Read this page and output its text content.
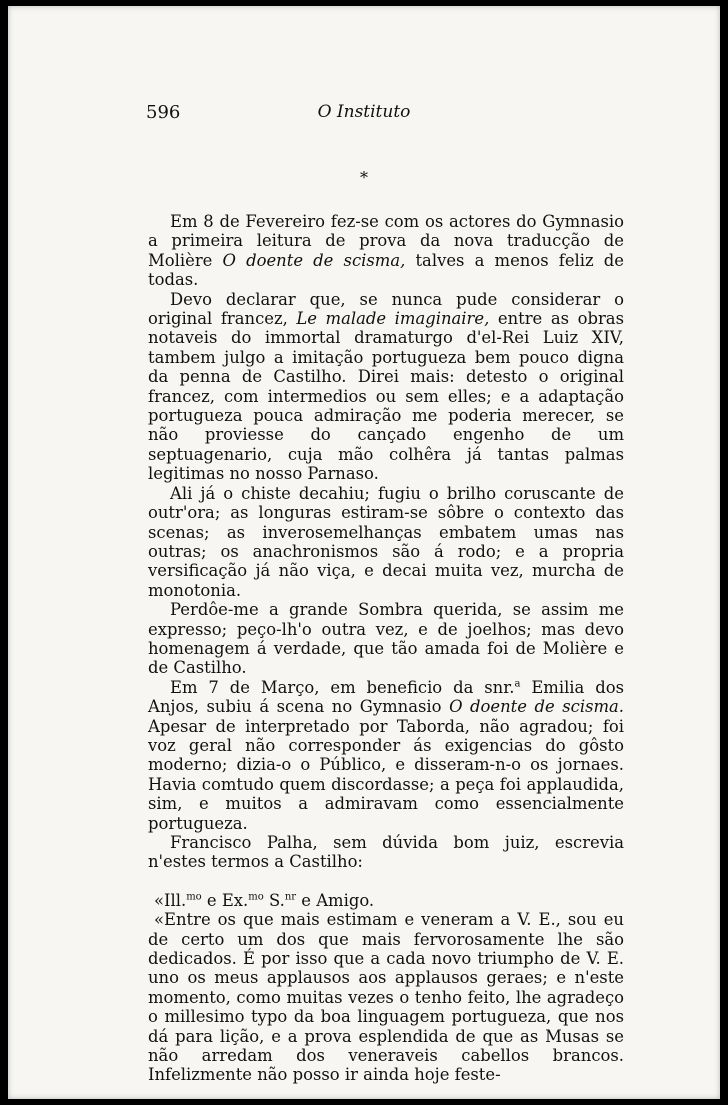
596	O Instituto
*

Em 8 de Fevereiro fez-se com os actores do Gymnasio a primeira leitura de prova da nova traducção de Molière O doente de scisma, talves a menos feliz de todas.

Devo declarar que, se nunca pude considerar o original francez, Le malade imaginaire, entre as obras notaveis do immortal dramaturgo d'el-Rei Luiz XIV, tambem julgo a imitação portugueza bem pouco digna da penna de Castilho. Direi mais: detesto o original francez, com intermedios ou sem elles; e a adaptação portugueza pouca admiração me poderia merecer, se não proviesse do cançado engenho de um septuagenario, cuja mão colhêra já tantas palmas legitimas no nosso Parnaso.

Ali já o chiste decahiu; fugiu o brilho coruscante de outr'ora; as longuras estiram-se sôbre o contexto das scenas; as inverosemelhanças embatem umas nas outras; os anachronismos são á rodo; e a propria versificação já não viça, e decai muita vez, murcha de monotonia.

Perdôe-me a grande Sombra querida, se assim me expresso; peço-lh'o outra vez, e de joelhos; mas devo homenagem á verdade, que tão amada foi de Molière e de Castilho.

Em 7 de Março, em beneficio da snr.$^a$ Emilia dos Anjos, subiu á scena no Gymnasio O doente de scisma. Apesar de interpretado por Taborda, não agradou; foi voz geral não corresponder ás exigencias do gôsto moderno; dizia-o o Público, e disseram-n-o os jornaes. Havia comtudo quem discordasse; a peça foi applaudida, sim, e muitos a admiravam como essencialmente portugueza.

Francisco Palha, sem dúvida bom juiz, escrevia n'estes termos a Castilho:

«Ill.$^{mo}$ e Ex.$^{mo}$ S.$^{nr}$ e Amigo.

«Entre os que mais estimam e veneram a V. E., sou eu de certo um dos que mais fervorosamente lhe são dedicados. É por isso que a cada novo triumpho de V. E. uno os meus applausos aos applausos geraes; e n'este momento, como muitas vezes o tenho feito, lhe agradeço o millesimo typo da boa linguagem portugueza, que nos dá para lição, e a prova esplendida de que as Musas se não arredam dos veneraveis cabellos brancos. Infelizmente não posso ir ainda hoje feste-
